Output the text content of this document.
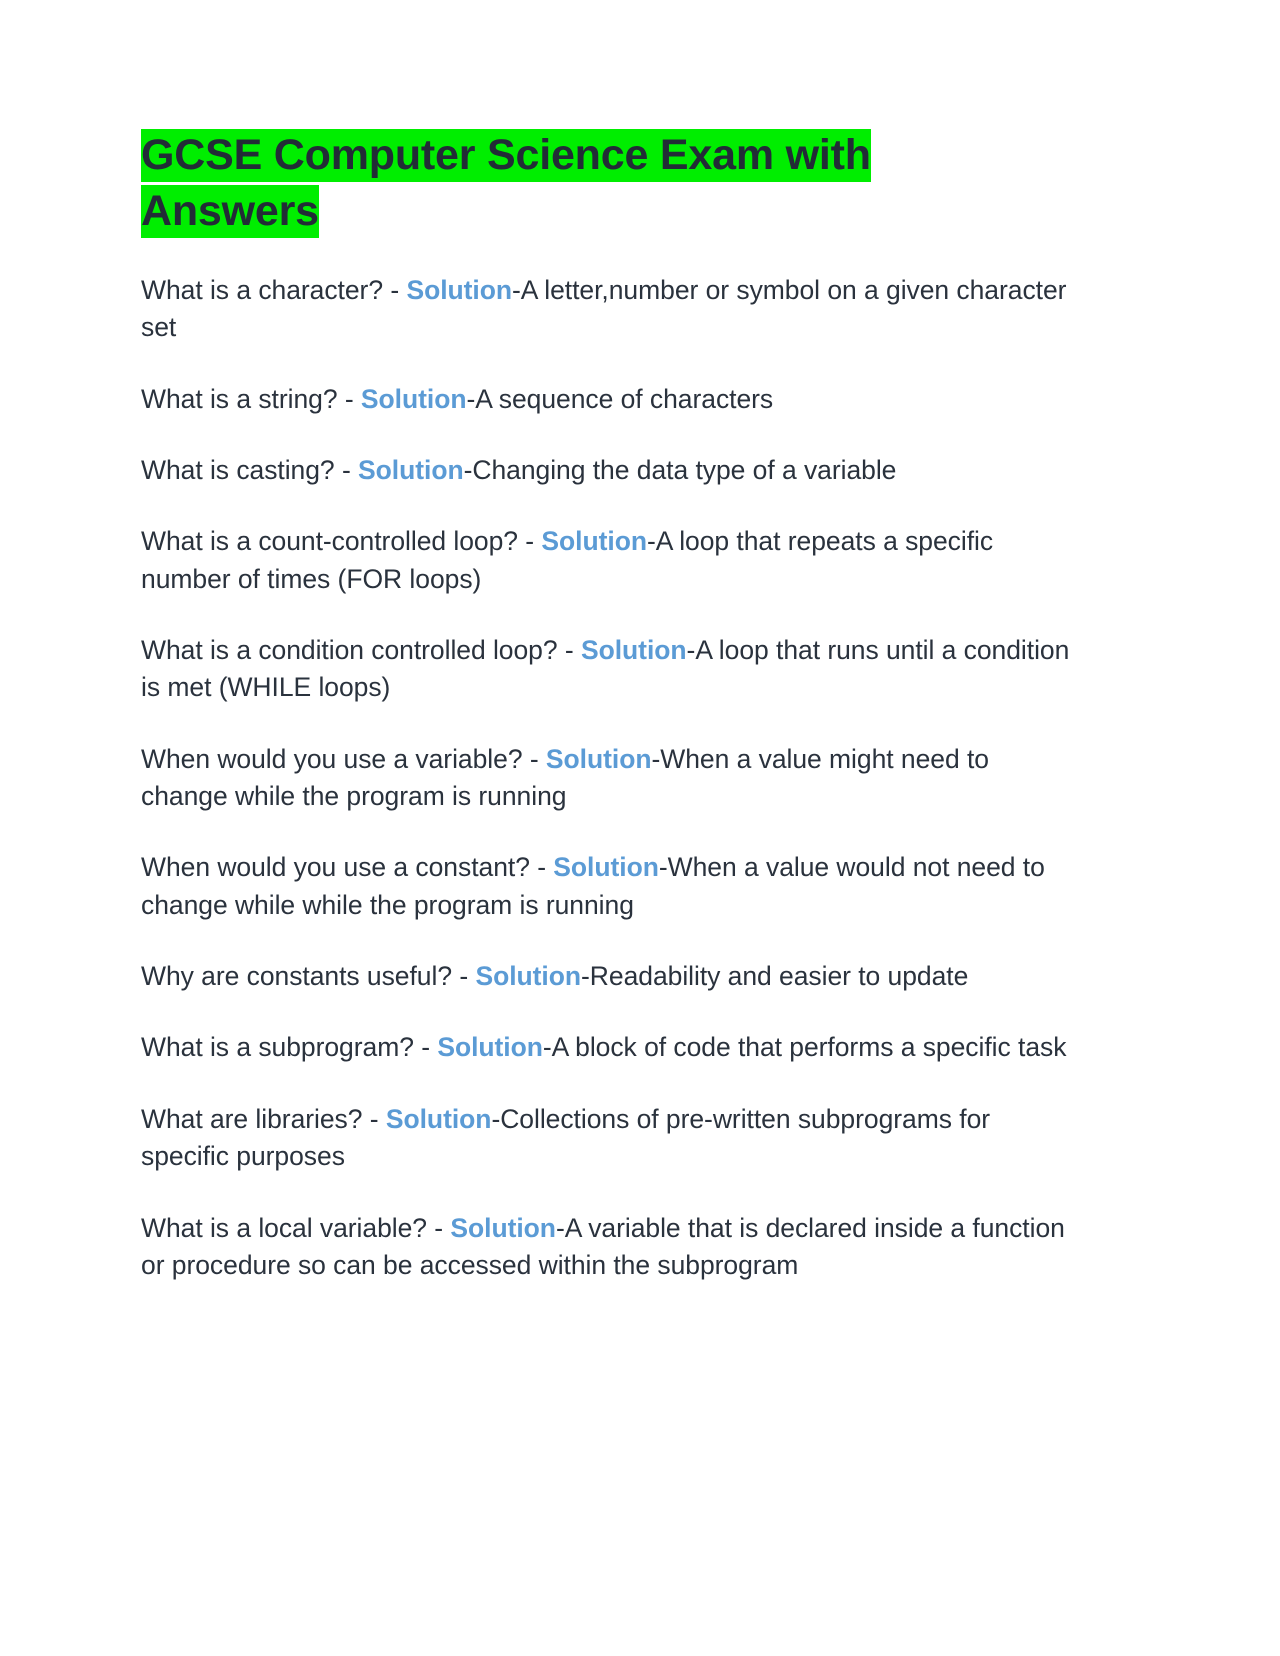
GCSE Computer Science Exam with
Answers

What is a character? - Solution-A letter,number or symbol on a given character set

What is a string? - Solution-A sequence of characters

What is casting? - Solution-Changing the data type of a variable

What is a count-controlled loop? - Solution-A loop that repeats a specific number of times (FOR loops)

What is a condition controlled loop? - Solution-A loop that runs until a condition is met (WHILE loops)

When would you use a variable? - Solution-When a value might need to change while the program is running

When would you use a constant? - Solution-When a value would not need to change while while the program is running

Why are constants useful? - Solution-Readability and easier to update

What is a subprogram? - Solution-A block of code that performs a specific task

What are libraries? - Solution-Collections of pre-written subprograms for specific purposes

What is a local variable? - Solution-A variable that is declared inside a function or procedure so can be accessed within the subprogram
